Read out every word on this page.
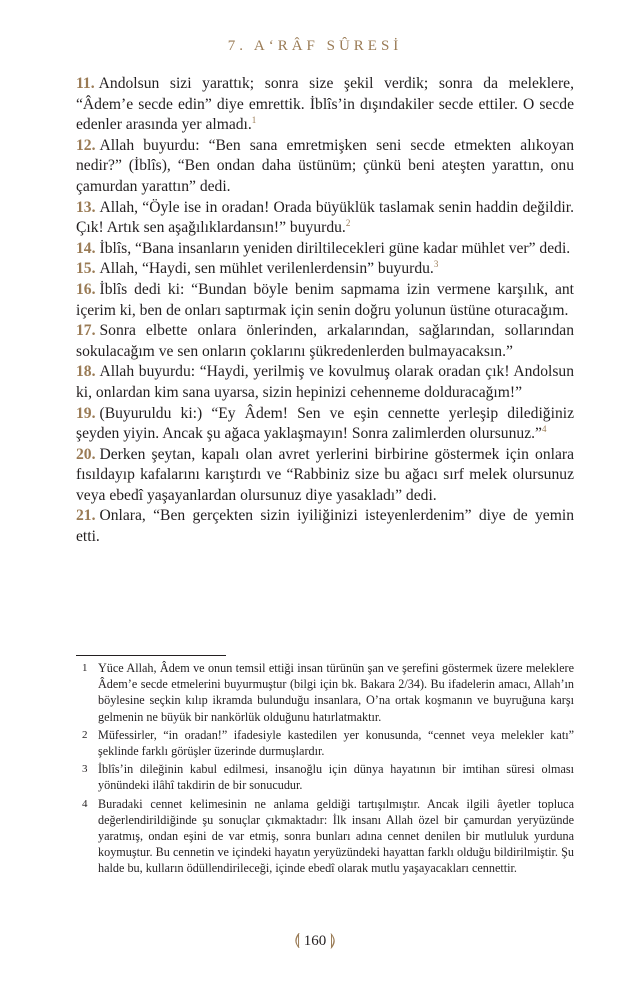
7. A‘RÂF SÛRESİ

11. Andolsun sizi yarattık; sonra size şekil verdik; sonra da meleklere, “Âdem’e secde edin” diye emrettik. İblîs’in dışındakiler secde ettiler. O secde edenler arasında yer almadı.$^1$

12. Allah buyurdu: “Ben sana emretmişken seni secde etmekten alıkoyan nedir?” (İblîs), “Ben ondan daha üstünüm; çünkü beni ateşten yarattın, onu çamurdan yarattın” dedi.

13. Allah, “Öyle ise in oradan! Orada büyüklük taslamak senin haddin değildir. Çık! Artık sen aşağılıklardansın!” buyurdu.$^2$

14. İblîs, “Bana insanların yeniden diriltilecekleri güne kadar mühlet ver” dedi.

15. Allah, “Haydi, sen mühlet verilenlerdensin” buyurdu.$^3$

16. İblîs dedi ki: “Bundan böyle benim sapmama izin vermene karşılık, ant içerim ki, ben de onları saptırmak için senin doğru yolunun üstüne oturacağım.

17. Sonra elbette onlara önlerinden, arkalarından, sağlarından, sollarından sokulacağım ve sen onların çoklarını şükredenlerden bulmayacaksın.”

18. Allah buyurdu: “Haydi, yerilmiş ve kovulmuş olarak oradan çık! Andolsun ki, onlardan kim sana uyarsa, sizin hepinizi cehenneme dolduracağım!”

19. (Buyuruldu ki:) “Ey Âdem! Sen ve eşin cennette yerleşip dilediğiniz şeyden yiyin. Ancak şu ağaca yaklaşmayın! Sonra zalimlerden olursunuz.”$^4$

20. Derken şeytan, kapalı olan avret yerlerini birbirine göstermek için onlara fısıldayıp kafalarını karıştırdı ve “Rabbiniz size bu ağacı sırf melek olursunuz veya ebedî yaşayanlardan olursunuz diye yasakladı” dedi.

21. Onlara, “Ben gerçekten sizin iyiliğinizi isteyenlerdenim” diye de yemin etti.

1 Yüce Allah, Âdem ve onun temsil ettiği insan türünün şan ve şerefini göstermek üzere meleklere Âdem’e secde etmelerini buyurmuştur (bilgi için bk. Bakara 2/34). Bu ifadelerin amacı, Allah’ın böylesine seçkin kılıp ikramda bulunduğu insanlara, O’na ortak koşmanın ve buyruğuna karşı gelmenin ne büyük bir nankörlük olduğunu hatırlatmaktır.
2 Müfessirler, “in oradan!” ifadesiyle kastedilen yer konusunda, “cennet veya melekler katı” şeklinde farklı görüşler üzerinde durmuşlardır.
3 İblîs’in dileğinin kabul edilmesi, insanoğlu için dünya hayatının bir imtihan süresi olması yönündeki ilâhî takdirin de bir sonucudur.
4 Buradaki cennet kelimesinin ne anlama geldiği tartışılmıştır. Ancak ilgili âyetler topluca değerlendirildiğinde şu sonuçlar çıkmaktadır: İlk insanı Allah özel bir çamurdan yeryüzünde yaratmış, ondan eşini de var etmiş, sonra bunları adına cennet denilen bir mutluluk yurduna koymuştur. Bu cennetin ve içindeki hayatın yeryüzündeki hayattan farklı olduğu bildirilmiştir. Şu halde bu, kulların ödüllendirileceği, içinde ebedî olarak mutlu yaşayacakları cennettir.
⟬ 160 ⟭
